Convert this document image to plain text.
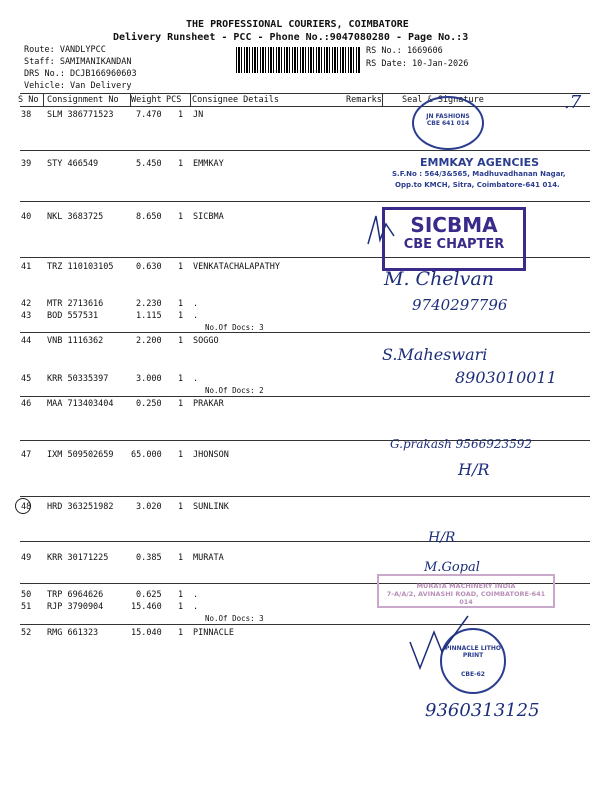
THE PROFESSIONAL COURIERS, COIMBATORE
Delivery Runsheet - PCC - Phone No.:9047080280 - Page No.:3
Route: VANDLYPCC
Staff: SAMIMANIKANDAN
DRS No.: DCJB166960603
Vehicle: Van Delivery
RS No.: 1669606
RS Date: 10-Jan-2026
S No Consignment No Weight PCS Consignee Details	Remarks Seal & Signature
38 SLM 386771523	7.470 1 JN
39 STY 466549	5.450 1 EMMKAY
40 NKL 3683725	8.650 1 SICBMA
41 TRZ 110103105	0.630 1 VENKATACHALAPATHY
42 MTR 2713616	2.230 1 .
43 BOD 557531	1.115 1 .
No.Of Docs: 3
44 VNB 1116362	2.200 1 SOGGO
45 KRR 50335397	3.000 1 .
No.Of Docs: 2
46 MAA 713403404	0.250 1 PRAKAR
47 IXM 509502659 65.000 1 JHONSON
48 HRD 363251982	3.020 1 SUNLINK
49 KRR 30171225	0.385 1 MURATA
50 TRP 6964626	0.625 1 .
51 RJP 3790904	15.460 1 .
No.Of Docs: 3
52 RMG 661323	15.040 1 PINNACLE
JN FASHIONS
CBE 641 014
EMMKAY AGENCIES
S.F.No : 564/3&565, Madhuvadhanan Nagar,
Opp.to KMCH, Sitra, Coimbatore-641 014.
SICBMA
CBE CHAPTER
MURATA MACHINERY INDIA
7-A/A/2, AVINASHI ROAD, COIMBATORE-641 014
PINNACLE LITHO PRINT
CBE-62
.7
M. Chelvan
9740297796
S.Maheswari
8903010011
G.prakash 9566923592
H/R
H/R
M.Gopal
9360313125
